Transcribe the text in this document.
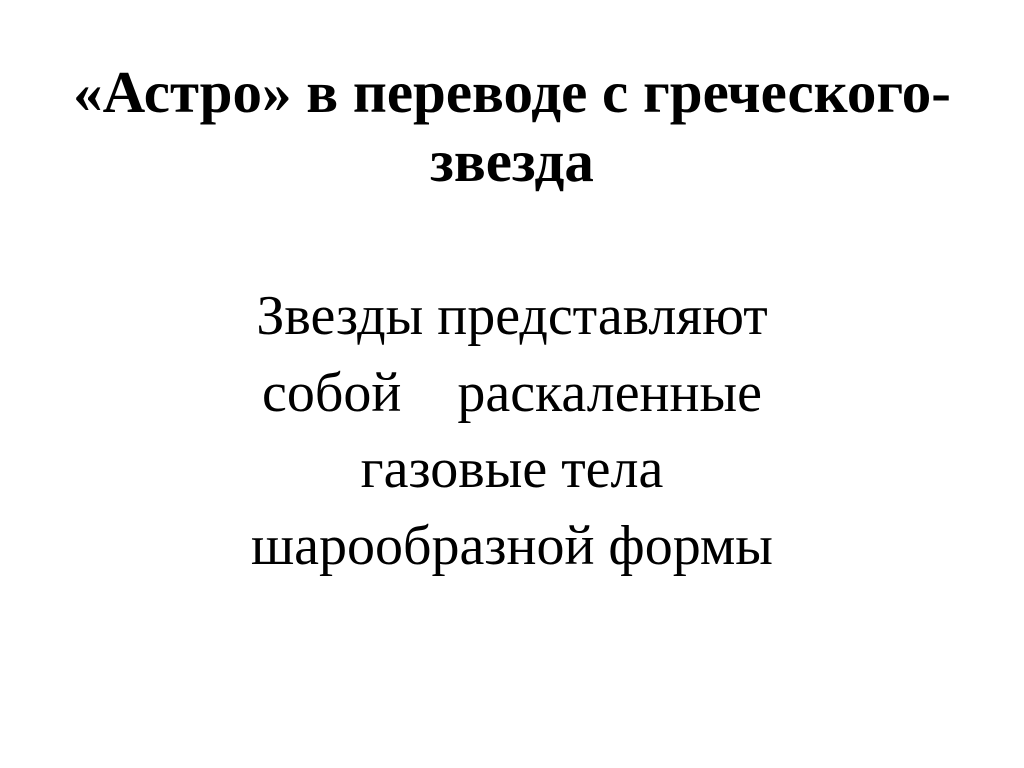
«Астро» в переводе с греческого-звезда
Звезды представляют
собой    раскаленные
газовые тела
шарообразной формы
